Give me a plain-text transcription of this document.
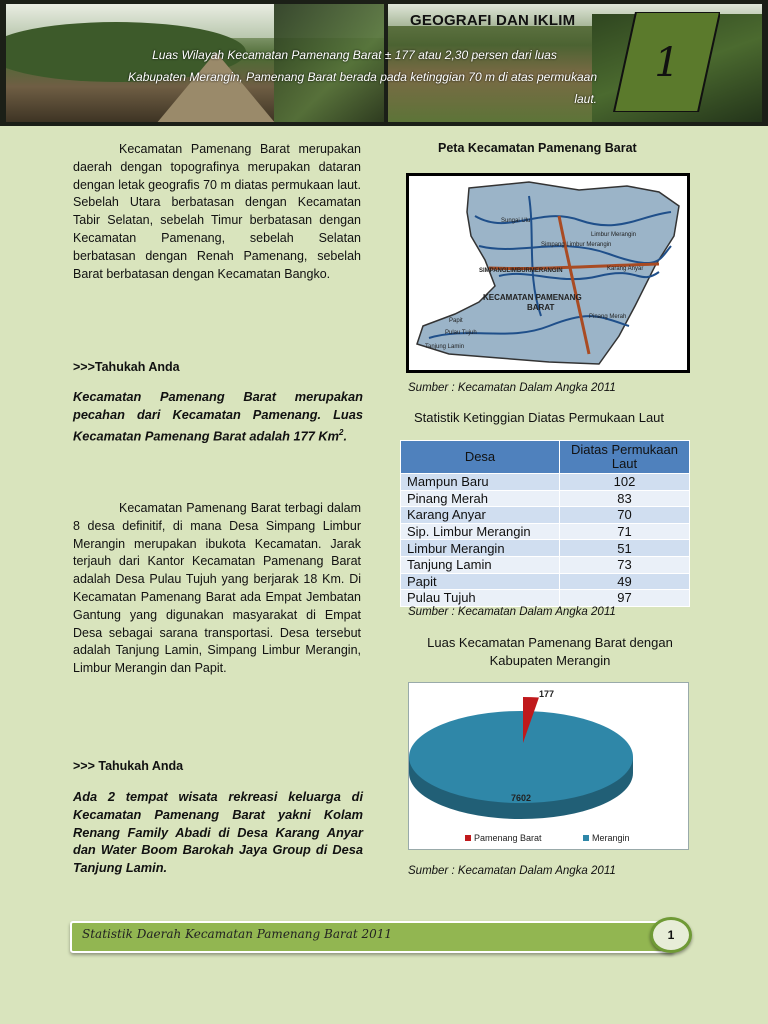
GEOGRAFI DAN IKLIM
Luas Wilayah Kecamatan Pamenang Barat ± 177 atau 2,30 persen dari luas
Kabupaten Merangin, Pamenang Barat berada pada ketinggian 70 m di atas permukaan laut.
1
Kecamatan Pamenang Barat merupakan daerah dengan topografinya merupakan dataran dengan letak geografis 70 m diatas permukaan laut. Sebelah Utara berbatasan dengan Kecamatan Tabir Selatan, sebelah Timur berbatasan dengan Kecamatan Pamenang, sebelah Selatan berbatasan dengan Renah Pamenang, sebelah Barat berbatasan dengan Kecamatan Bangko.
>>>Tahukah Anda
Kecamatan Pamenang Barat merupakan pecahan dari Kecamatan Pamenang. Luas Kecamatan Pamenang Barat adalah 177 Km$^2$.
Kecamatan Pamenang Barat terbagi dalam 8 desa definitif, di mana Desa Simpang Limbur Merangin merupakan ibukota Kecamatan. Jarak terjauh dari Kantor Kecamatan Pamenang Barat adalah Desa Pulau Tujuh yang berjarak 18 Km. Di Kecamatan Pamenang Barat ada Empat Jembatan Gantung yang digunakan masyarakat di Empat Desa sebagai sarana transportasi. Desa tersebut adalah Tanjung Lamin, Simpang Limbur Merangin, Limbur Merangin dan Papit.
>>> Tahukah Anda
Ada 2 tempat wisata rekreasi keluarga di Kecamatan Pamenang Barat yakni Kolam Renang Family Abadi di Desa Karang Anyar dan Water Boom Barokah Jaya Group di Desa Tanjung Lamin.
Peta Kecamatan Pamenang Barat
Sungai Ulu
Simpang Limbur Merangin
Limbur Merangin
SIMPANGLIMBURMERANGIN	Karang Anyar
KECAMATAN PAMENANG
BARAT
Pinang Merah
Tanjung Lamin
Pulau Tujuh
Papit
Sumber : Kecamatan Dalam Angka 2011
Statistik Ketinggian Diatas Permukaan Laut
Desa	Diatas Permukaan Laut
Mampun Baru	102
Pinang Merah	83
Karang Anyar	70
Sip. Limbur Merangin	71
Limbur Merangin	51
Tanjung Lamin	73
Papit	49
Pulau Tujuh	97
Sumber : Kecamatan Dalam Angka 2011
Luas Kecamatan Pamenang Barat dengan Kabupaten Merangin
177
7602
Pamenang Barat	Merangin
Sumber : Kecamatan Dalam Angka 2011
Statistik Daerah Kecamatan Pamenang Barat 2011	1
